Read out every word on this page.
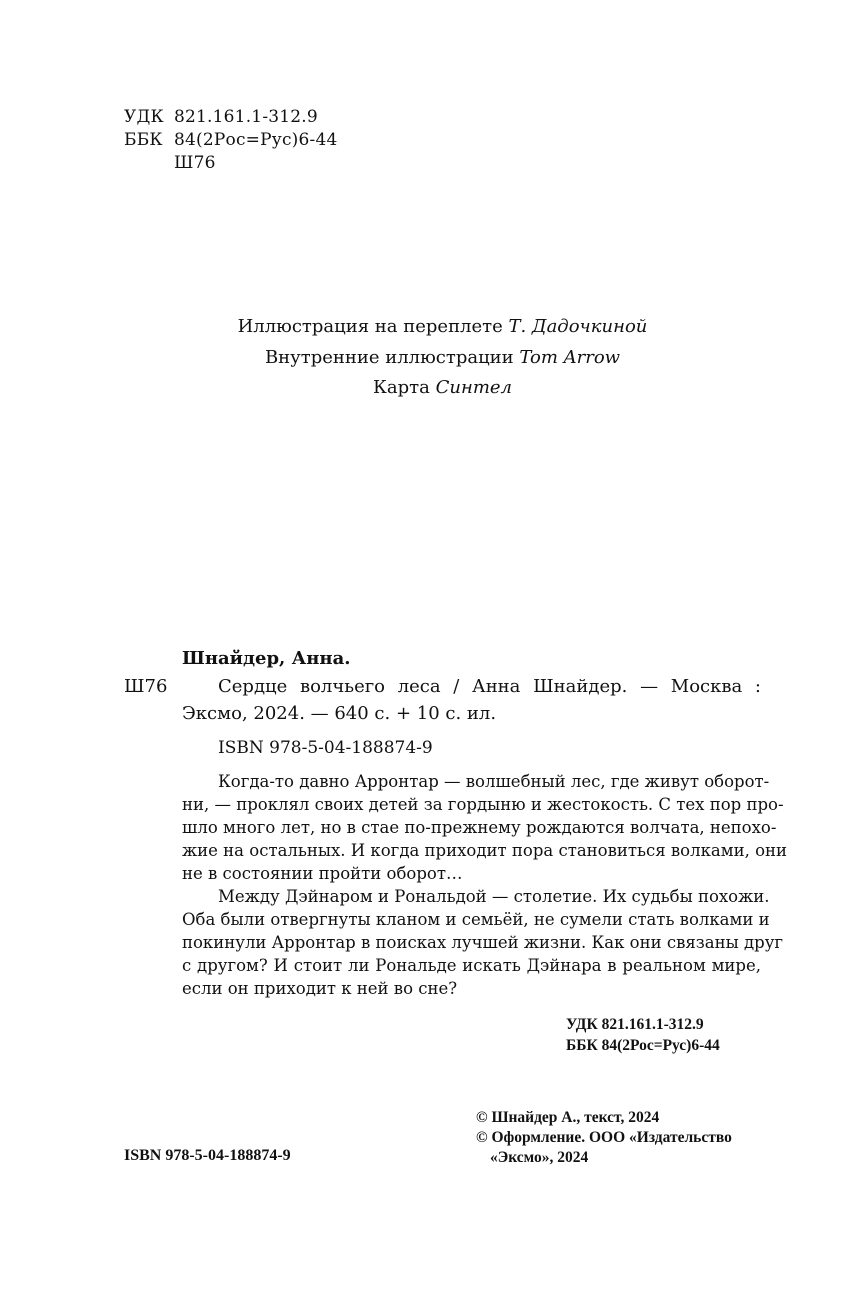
УДК 821.161.1-312.9
ББК 84(2Рос=Рус)6-44
Ш76
Иллюстрация на переплете Т. Дадочкиной
Внутренние иллюстрации Tom Arrow
Карта Синтел
Шнайдер, Анна.
Ш76	Сердце волчьего леса / Анна Шнайдер. — Москва :
Эксмо, 2024. — 640 с. + 10 с. ил.
ISBN 978-5-04-188874-9
Когда-то давно Арронтар — волшебный лес, где живут оборот-
ни, — проклял своих детей за гордыню и жестокость. С тех пор про-
шло много лет, но в стае по-прежнему рождаются волчата, непохо-
жие на остальных. И когда приходит пора становиться волками, они
не в состоянии пройти оборот…
Между Дэйнаром и Рональдой — столетие. Их судьбы похожи.
Оба были отвергнуты кланом и семьёй, не сумели стать волками и
покинули Арронтар в поисках лучшей жизни. Как они связаны друг
с другом? И стоит ли Рональде искать Дэйнара в реальном мире,
если он приходит к ней во сне?
УДК 821.161.1-312.9
ББК 84(2Рос=Рус)6-44
ISBN 978-5-04-188874-9
© Шнайдер А., текст, 2024
© Оформление. ООО «Издательство
«Эксмо», 2024
